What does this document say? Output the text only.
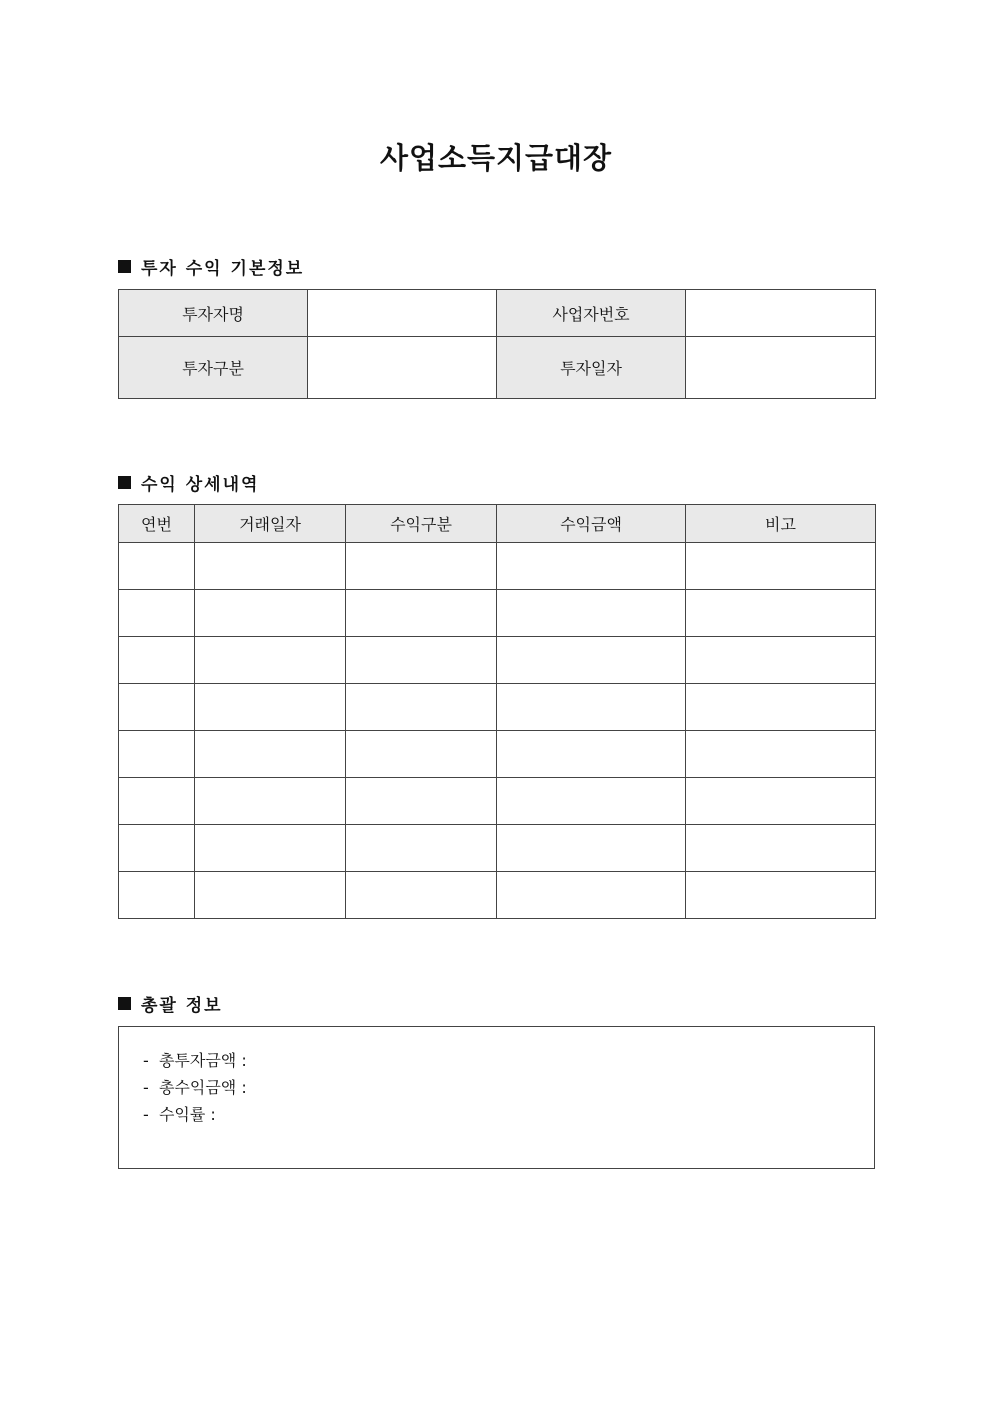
사업소득지급대장
투자 수익 기본정보
투자자명		사업자번호	
투자구분		투자일자	
수익 상세내역
연번	거래일자	수익구분	수익금액	비고

총괄 정보
- 총투자금액 :
- 총수익금액 :
- 수익률 :
